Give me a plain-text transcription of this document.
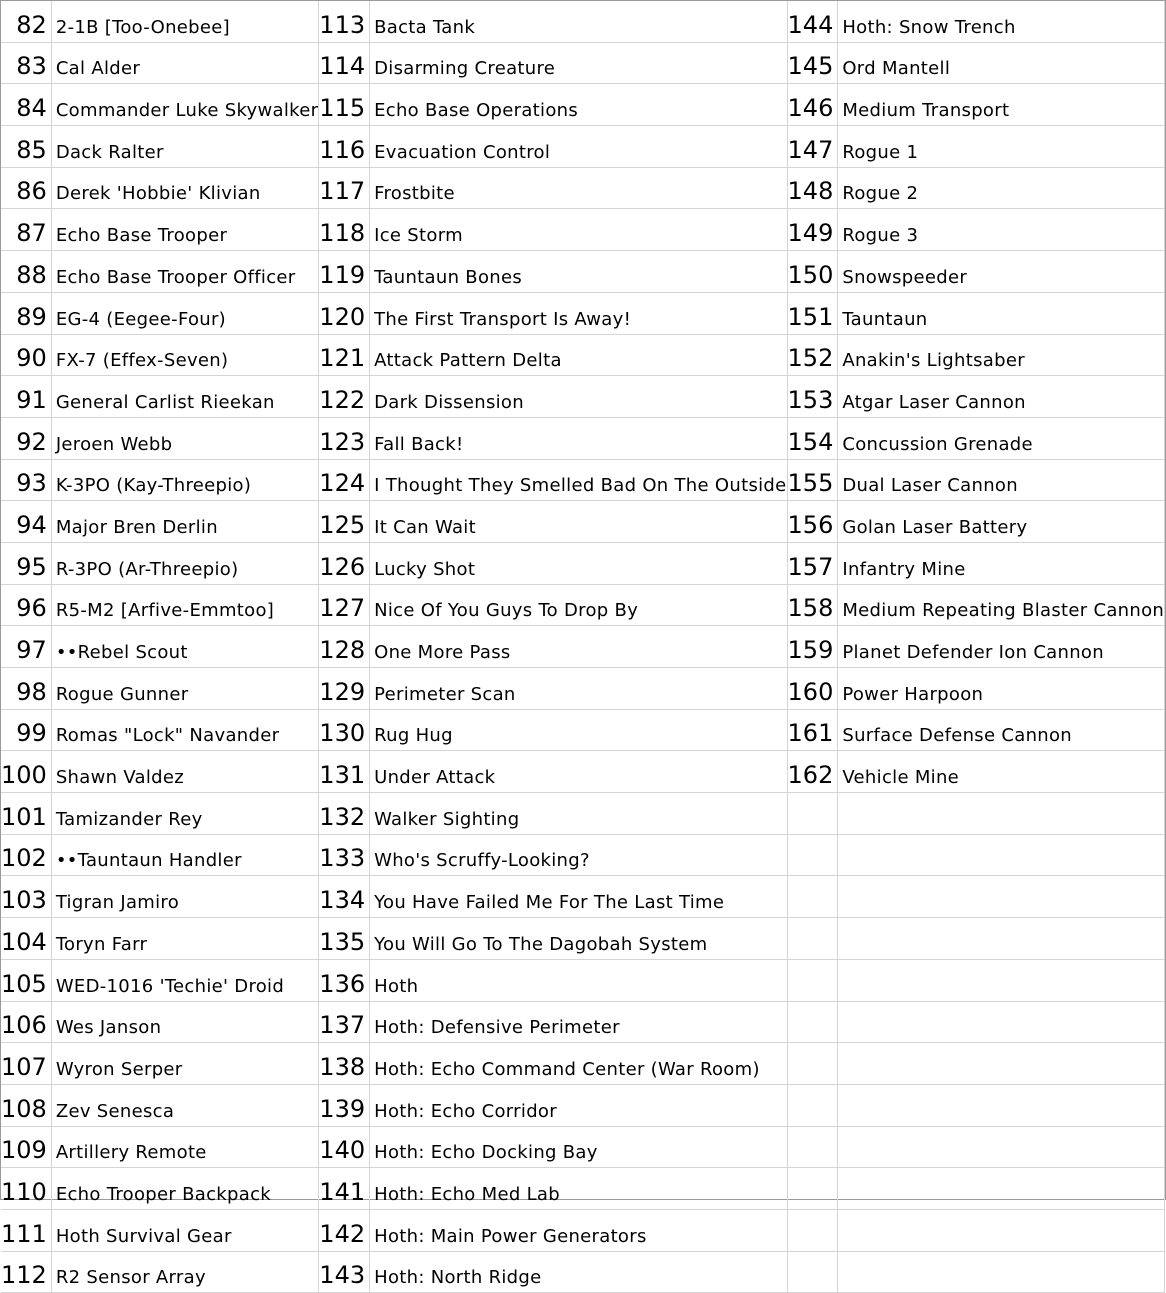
82	2-1B [Too-Onebee]	113	Bacta Tank	144	Hoth: Snow Trench
83	Cal Alder	114	Disarming Creature	145	Ord Mantell
84	Commander Luke Skywalker	115	Echo Base Operations	146	Medium Transport
85	Dack Ralter	116	Evacuation Control	147	Rogue 1
86	Derek 'Hobbie' Klivian	117	Frostbite	148	Rogue 2
87	Echo Base Trooper	118	Ice Storm	149	Rogue 3
88	Echo Base Trooper Officer	119	Tauntaun Bones	150	Snowspeeder
89	EG-4 (Eegee-Four)	120	The First Transport Is Away!	151	Tauntaun
90	FX-7 (Effex-Seven)	121	Attack Pattern Delta	152	Anakin's Lightsaber
91	General Carlist Rieekan	122	Dark Dissension	153	Atgar Laser Cannon
92	Jeroen Webb	123	Fall Back!	154	Concussion Grenade
93	K-3PO (Kay-Threepio)	124	I Thought They Smelled Bad On The Outside	155	Dual Laser Cannon
94	Major Bren Derlin	125	It Can Wait	156	Golan Laser Battery
95	R-3PO (Ar-Threepio)	126	Lucky Shot	157	Infantry Mine
96	R5-M2 [Arfive-Emmtoo]	127	Nice Of You Guys To Drop By	158	Medium Repeating Blaster Cannon
97	••Rebel Scout	128	One More Pass	159	Planet Defender Ion Cannon
98	Rogue Gunner	129	Perimeter Scan	160	Power Harpoon
99	Romas "Lock" Navander	130	Rug Hug	161	Surface Defense Cannon
100	Shawn Valdez	131	Under Attack	162	Vehicle Mine
101	Tamizander Rey	132	Walker Sighting		
102	••Tauntaun Handler	133	Who's Scruffy-Looking?		
103	Tigran Jamiro	134	You Have Failed Me For The Last Time		
104	Toryn Farr	135	You Will Go To The Dagobah System		
105	WED-1016 'Techie' Droid	136	Hoth		
106	Wes Janson	137	Hoth: Defensive Perimeter		
107	Wyron Serper	138	Hoth: Echo Command Center (War Room)		
108	Zev Senesca	139	Hoth: Echo Corridor		
109	Artillery Remote	140	Hoth: Echo Docking Bay		
110	Echo Trooper Backpack	141	Hoth: Echo Med Lab		
111	Hoth Survival Gear	142	Hoth: Main Power Generators		
112	R2 Sensor Array	143	Hoth: North Ridge		
